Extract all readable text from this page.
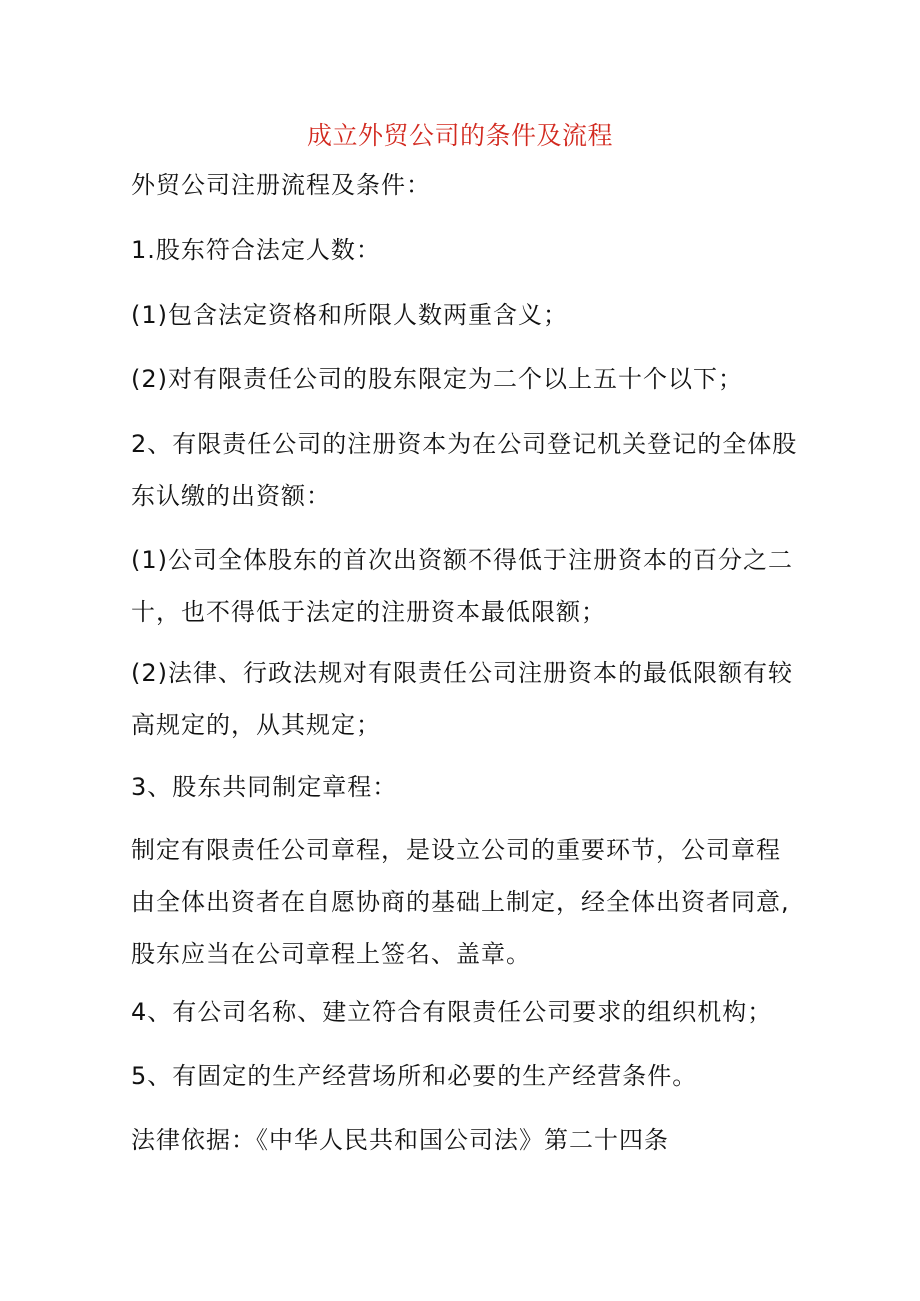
成立外贸公司的条件及流程
外贸公司注册流程及条件：
1.股东符合法定人数：
(1)包含法定资格和所限人数两重含义；
(2)对有限责任公司的股东限定为二个以上五十个以下；
2、有限责任公司的注册资本为在公司登记机关登记的全体股东认缴的出资额：
(1)公司全体股东的首次出资额不得低于注册资本的百分之二十，也不得低于法定的注册资本最低限额；
(2)法律、行政法规对有限责任公司注册资本的最低限额有较高规定的，从其规定；
3、股东共同制定章程：
制定有限责任公司章程，是设立公司的重要环节，公司章程由全体出资者在自愿协商的基础上制定，经全体出资者同意,股东应当在公司章程上签名、盖章。
4、有公司名称、建立符合有限责任公司要求的组织机构；
5、有固定的生产经营场所和必要的生产经营条件。
法律依据：《中华人民共和国公司法》第二十四条
